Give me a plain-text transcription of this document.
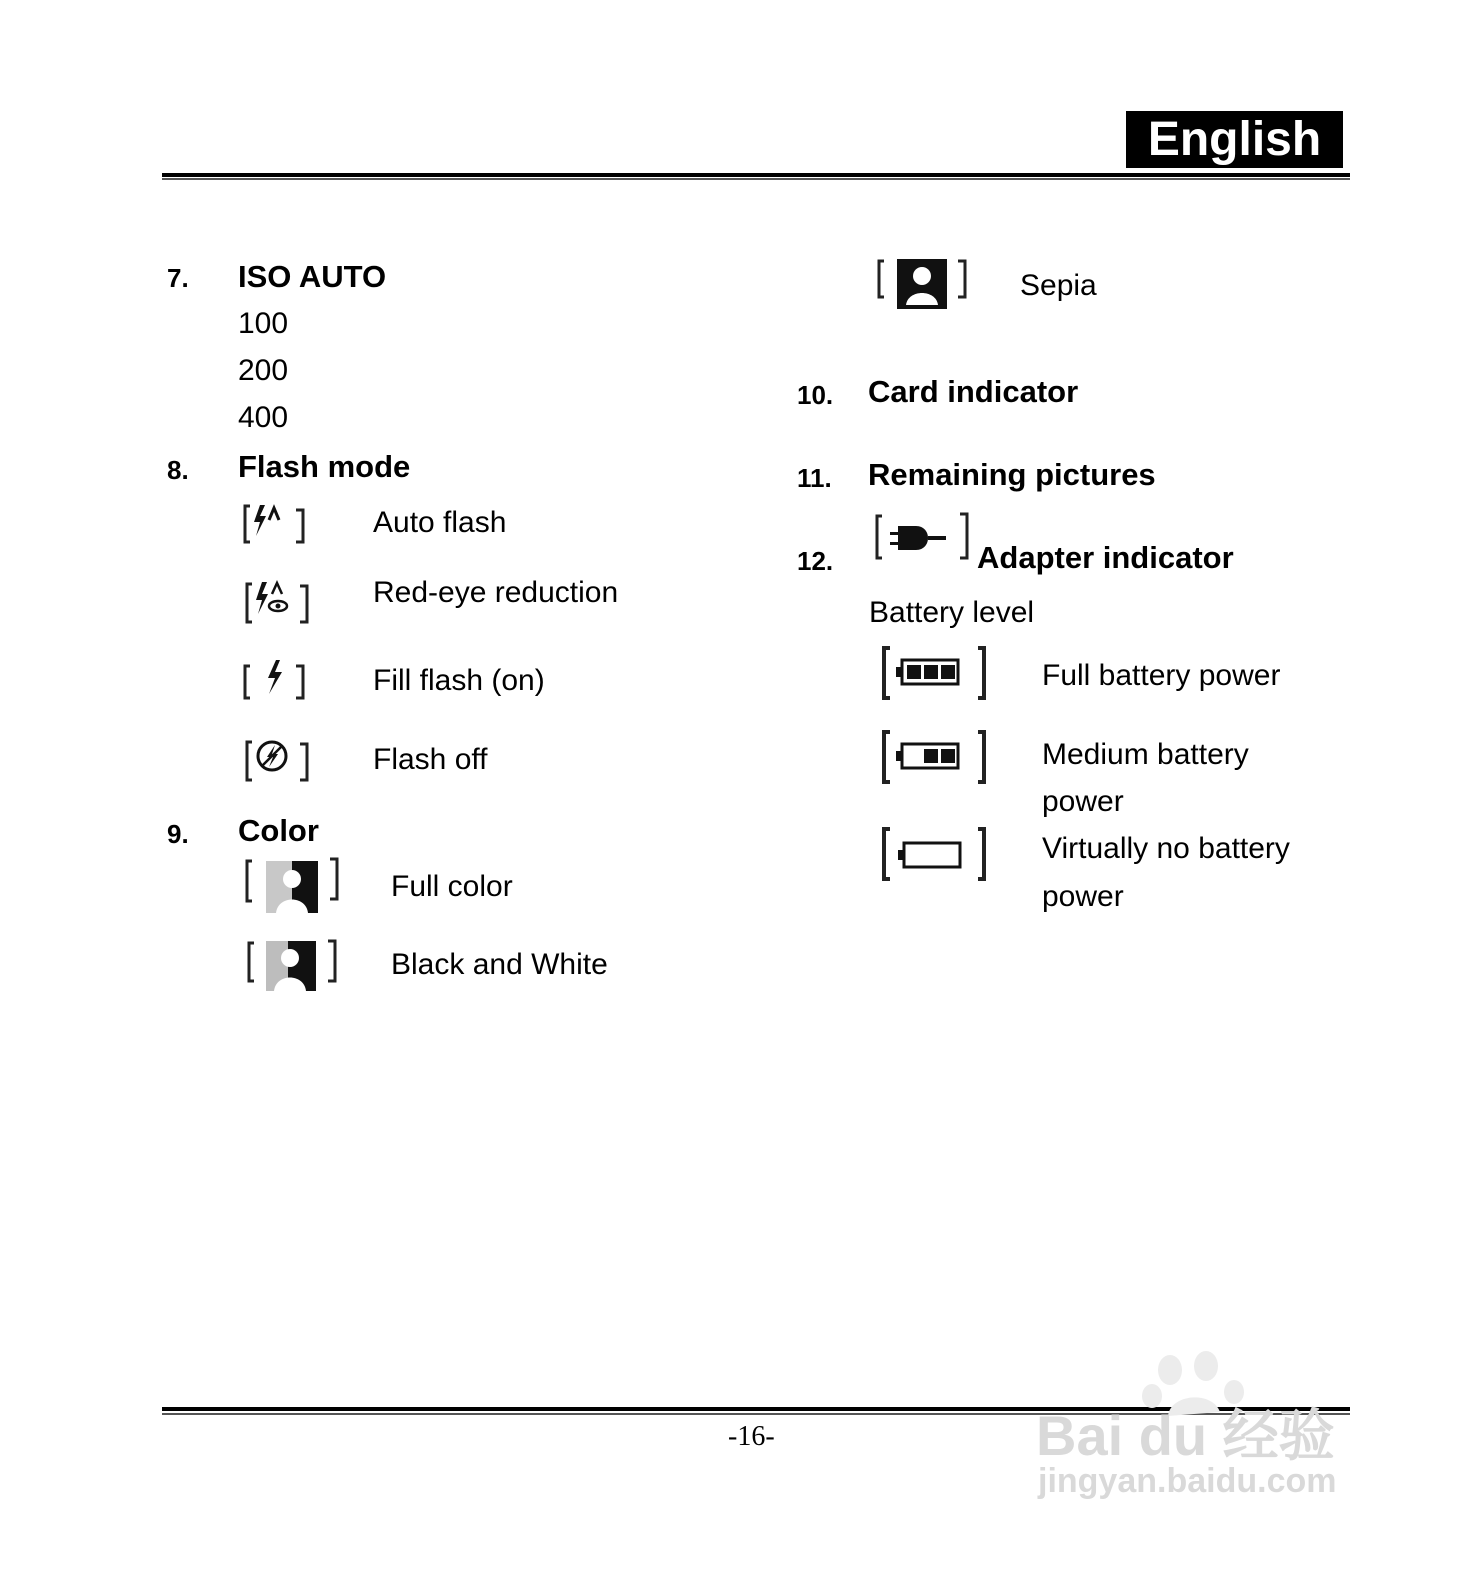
English
7. ISO AUTO
100
200
400
8. Flash mode
Auto flash
Red-eye reduction
Fill flash (on)
Flash off
9. Color
Full color
Black and White
Sepia
10. Card indicator
11. Remaining pictures
12.	Adapter indicator
Battery level
Full battery power
Medium battery
power
Virtually no battery
power
-16-	Bai du 经验
jingyan.baidu.com
